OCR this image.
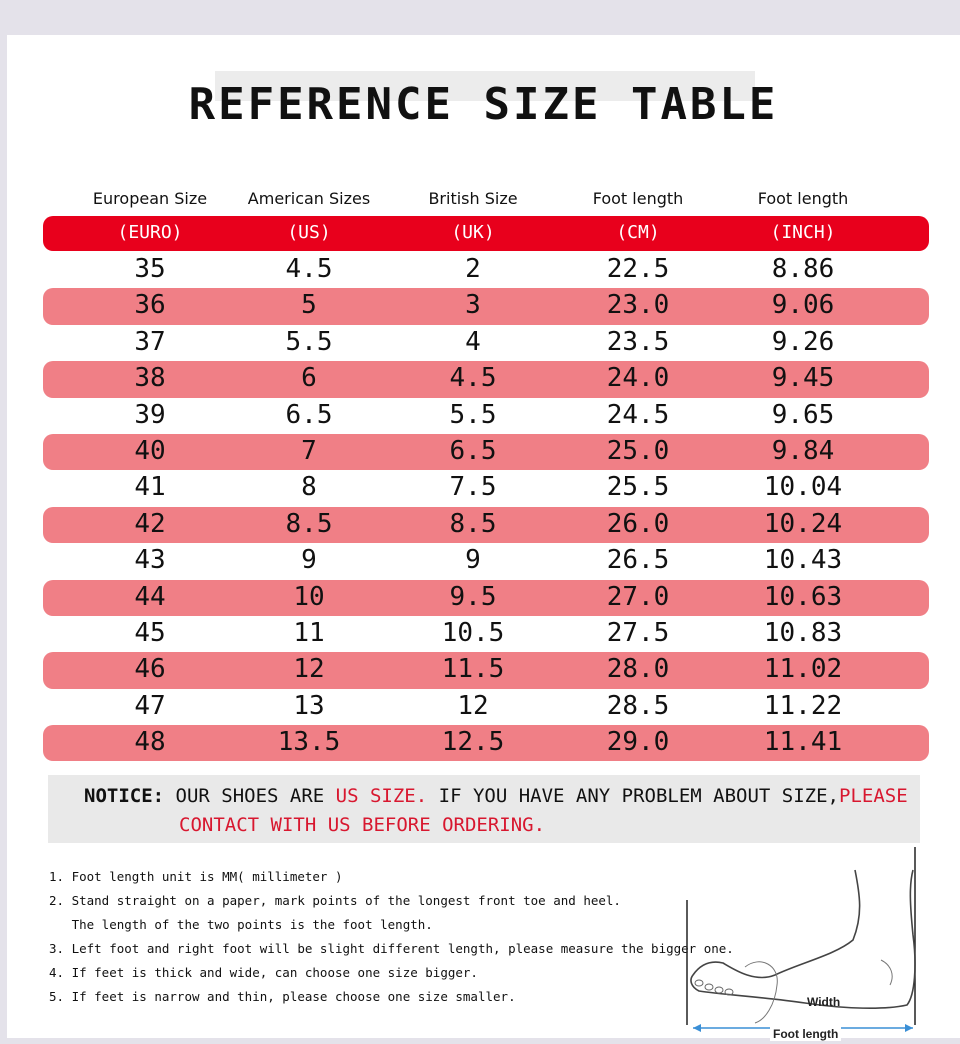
REFERENCE SIZE TABLE
European Size	American Sizes	British Size	Foot length	Foot length
(EURO)	(US)	(UK)	(CM)	(INCH)
35	4.5	2	22.5	8.86
36	5	3	23.0	9.06
37	5.5	4	23.5	9.26
38	6	4.5	24.0	9.45
39	6.5	5.5	24.5	9.65
40	7	6.5	25.0	9.84
41	8	7.5	25.5	10.04
42	8.5	8.5	26.0	10.24
43	9	9	26.5	10.43
44	10	9.5	27.0	10.63
45	11	10.5	27.5	10.83
46	12	11.5	28.0	11.02
47	13	12	28.5	11.22
48	13.5	12.5	29.0	11.41
NOTICE: OUR SHOES ARE US SIZE. IF YOU HAVE ANY PROBLEM ABOUT SIZE,PLEASE
CONTACT WITH US BEFORE ORDERING.
1. Foot length unit is MM( millimeter )
2. Stand straight on a paper, mark points of the longest front toe and heel.
The length of the two points is the foot length.
3. Left foot and right foot will be slight different length, please measure the bigger one.
4. If feet is thick and wide, can choose one size bigger.
5. If feet is narrow and thin, please choose one size smaller.	Width
Foot length
